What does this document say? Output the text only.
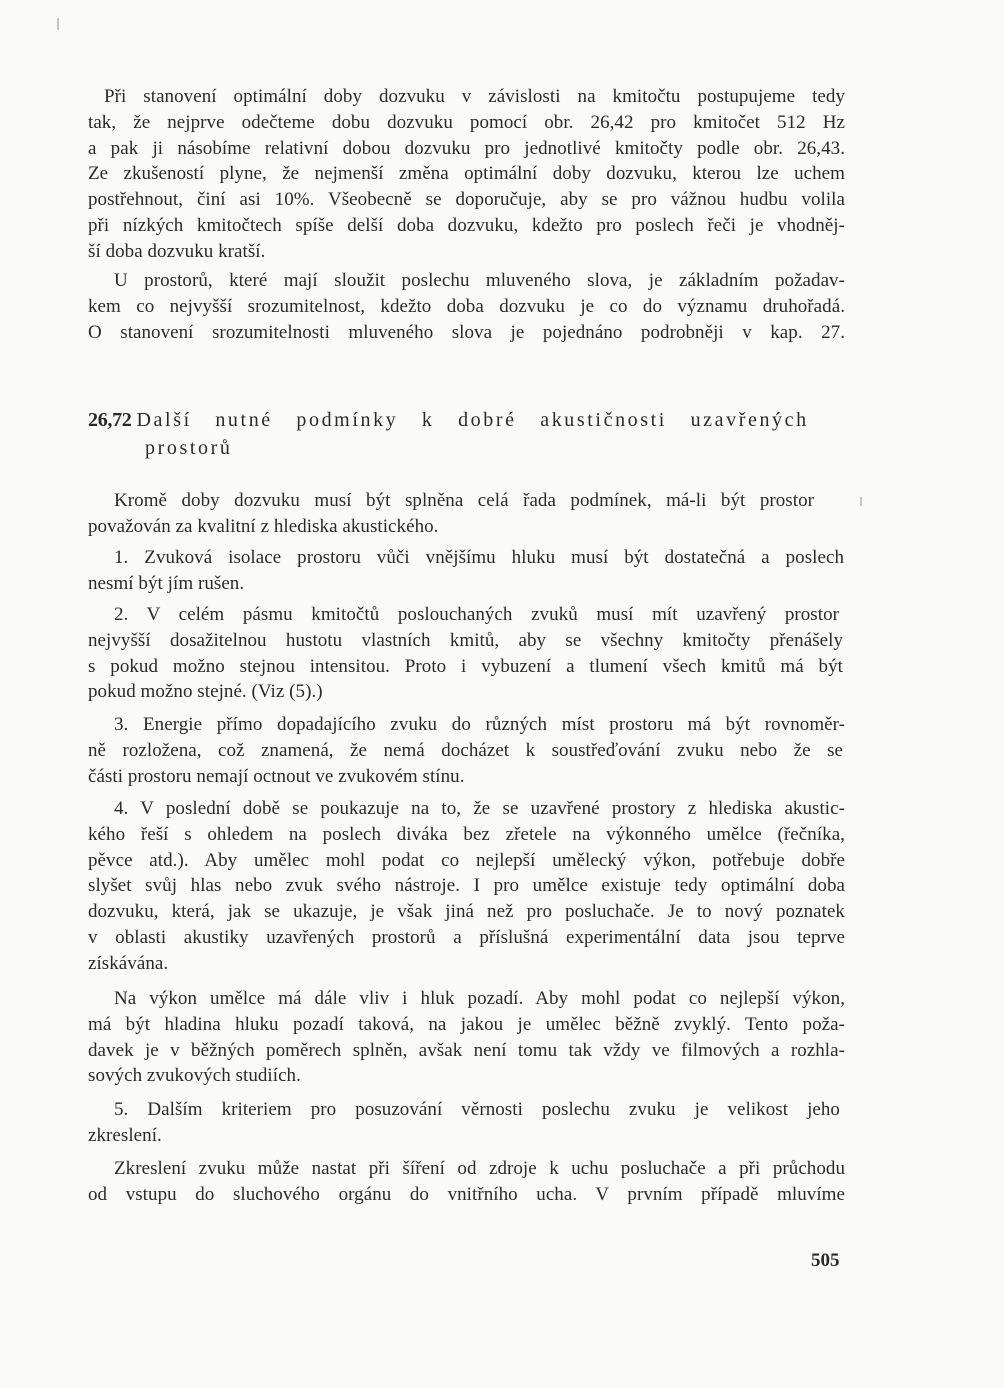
Při stanovení optimální doby dozvuku v závislosti na kmitočtu postupujeme tedy
tak, že nejprve odečteme dobu dozvuku pomocí obr. 26,42 pro kmitočet 512 Hz
a pak ji násobíme relativní dobou dozvuku pro jednotlivé kmitočty podle obr. 26,43.
Ze zkušeností plyne, že nejmenší změna optimální doby dozvuku, kterou lze uchem
postřehnout, činí asi 10%. Všeobecně se doporučuje, aby se pro vážnou hudbu volila
při nízkých kmitočtech spíše delší doba dozvuku, kdežto pro poslech řeči je vhodněj-
ší doba dozvuku kratší.

U prostorů, které mají sloužit poslechu mluveného slova, je základním požadav-
kem co nejvyšší srozumitelnost, kdežto doba dozvuku je co do významu druhořadá.
O stanovení srozumitelnosti mluveného slova je pojednáno podrobněji v kap. 27.

26,72 Další nutné podmínky k dobré akustičnosti uzavřených
prostorů

Kromě doby dozvuku musí být splněna celá řada podmínek, má-li být prostor
považován za kvalitní z hlediska akustického.

1. Zvuková isolace prostoru vůči vnějšímu hluku musí být dostatečná a poslech
nesmí být jím rušen.

2. V celém pásmu kmitočtů poslouchaných zvuků musí mít uzavřený prostor
nejvyšší dosažitelnou hustotu vlastních kmitů, aby se všechny kmitočty přenášely
s pokud možno stejnou intensitou. Proto i vybuzení a tlumení všech kmitů má být
pokud možno stejné. (Viz (5).)

3. Energie přímo dopadajícího zvuku do různých míst prostoru má být rovnoměr-
ně rozložena, což znamená, že nemá docházet k soustřeďování zvuku nebo že se
části prostoru nemají octnout ve zvukovém stínu.

4. V poslední době se poukazuje na to, že se uzavřené prostory z hlediska akustic-
kého řeší s ohledem na poslech diváka bez zřetele na výkonného umělce (řečníka,
pěvce atd.). Aby umělec mohl podat co nejlepší umělecký výkon, potřebuje dobře
slyšet svůj hlas nebo zvuk svého nástroje. I pro umělce existuje tedy optimální doba
dozvuku, která, jak se ukazuje, je však jiná než pro posluchače. Je to nový poznatek
v oblasti akustiky uzavřených prostorů a příslušná experimentální data jsou teprve
získávána.

Na výkon umělce má dále vliv i hluk pozadí. Aby mohl podat co nejlepší výkon,
má být hladina hluku pozadí taková, na jakou je umělec běžně zvyklý. Tento poža-
davek je v běžných poměrech splněn, avšak není tomu tak vždy ve filmových a rozhla-
sových zvukových studiích.

5. Dalším kriteriem pro posuzování věrnosti poslechu zvuku je velikost jeho
zkreslení.

Zkreslení zvuku může nastat při šíření od zdroje k uchu posluchače a při průchodu
od vstupu do sluchového orgánu do vnitřního ucha. V prvním případě mluvíme

505
